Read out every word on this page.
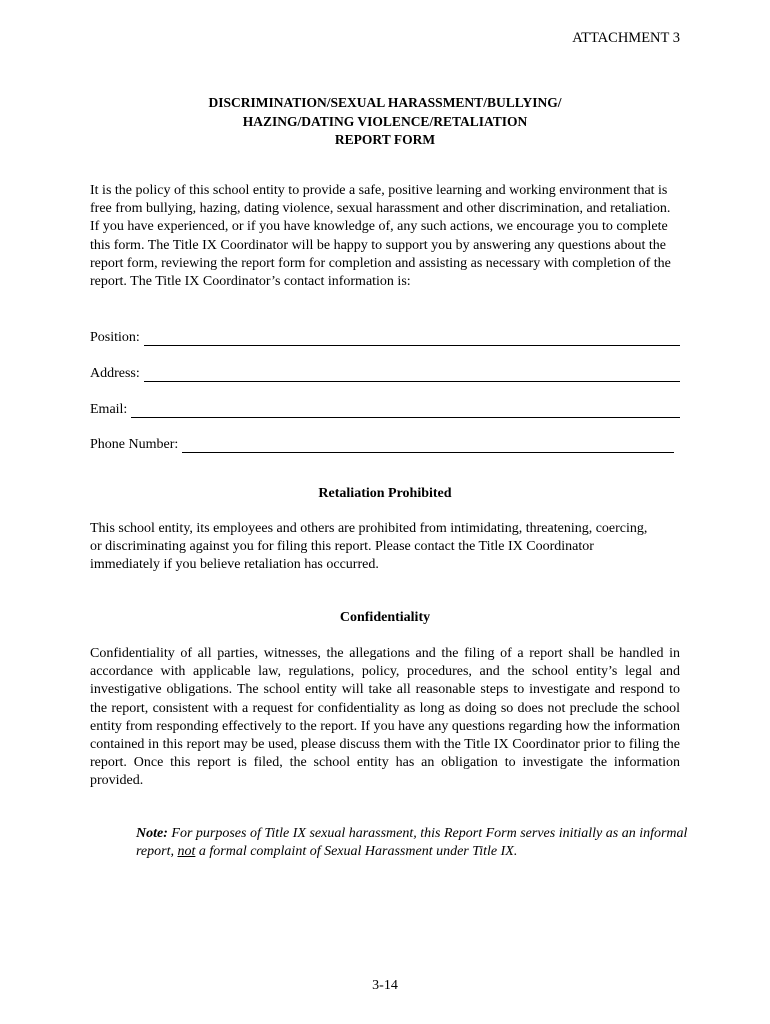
ATTACHMENT 3
DISCRIMINATION/SEXUAL HARASSMENT/BULLYING/
HAZING/DATING VIOLENCE/RETALIATION
REPORT FORM
It is the policy of this school entity to provide a safe, positive learning and working environment that is free from bullying, hazing, dating violence, sexual harassment and other discrimination, and retaliation. If you have experienced, or if you have knowledge of, any such actions, we encourage you to complete this form. The Title IX Coordinator will be happy to support you by answering any questions about the report form, reviewing the report form for completion and assisting as necessary with completion of the report. The Title IX Coordinator’s contact information is:
Position:
Address:
Email:
Phone Number:
Retaliation Prohibited
This school entity, its employees and others are prohibited from intimidating, threatening, coercing, or discriminating against you for filing this report. Please contact the Title IX Coordinator immediately if you believe retaliation has occurred.
Confidentiality
Confidentiality of all parties, witnesses, the allegations and the filing of a report shall be handled in accordance with applicable law, regulations, policy, procedures, and the school entity’s legal and investigative obligations. The school entity will take all reasonable steps to investigate and respond to the report, consistent with a request for confidentiality as long as doing so does not preclude the school entity from responding effectively to the report. If you have any questions regarding how the information contained in this report may be used, please discuss them with the Title IX Coordinator prior to filing the report. Once this report is filed, the school entity has an obligation to investigate the information provided.
Note: For purposes of Title IX sexual harassment, this Report Form serves initially as an informal report, not a formal complaint of Sexual Harassment under Title IX.
3-14
